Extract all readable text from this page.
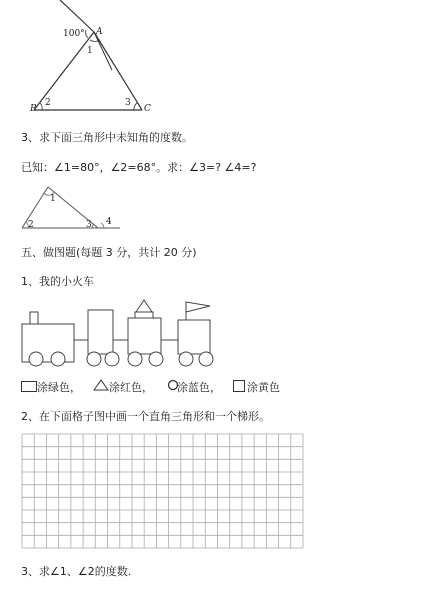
100° A
1
B
2	3
C
3、求下面三角形中未知角的度数。
已知：∠1=80°，∠2=68°。求：∠3=? ∠4=?
1
2	3 4
五、做图题(每题 3 分，共计 20 分)
1、我的小火车
涂绿色，	涂红色， 涂蓝色， 涂黄色
2、在下面格子图中画一个直角三角形和一个梯形。
3、求∠1、∠2的度数.
